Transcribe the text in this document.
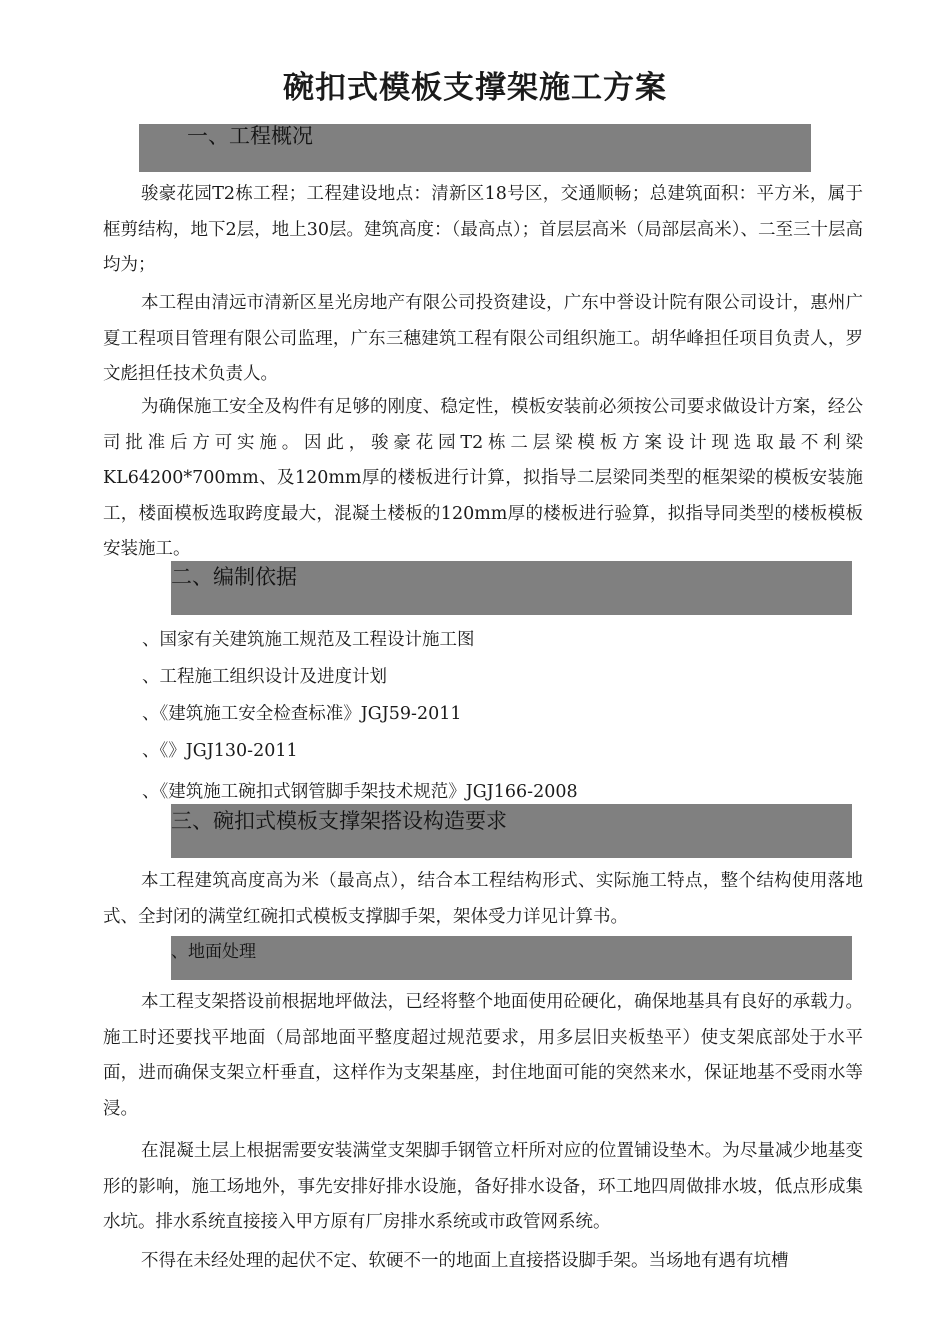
碗扣式模板支撑架施工方案
一、工程概况

骏豪花园T2栋工程；工程建设地点：清新区18号区，交通顺畅；总建筑面积：平方米，属于框剪结构，地下2层，地上30层。建筑高度：（最高点）；首层层高米（局部层高米）、二至三十层高均为；

本工程由清远市清新区星光房地产有限公司投资建设，广东中誉设计院有限公司设计，惠州广夏工程项目管理有限公司监理，广东三穗建筑工程有限公司组织施工。胡华峰担任项目负责人，罗文彪担任技术负责人。

为确保施工安全及构件有足够的刚度、稳定性，模板安装前必须按公司要求做设计方案，经公司批准后方可实施。因此，骏豪花园T2栋二层梁模板方案设计现选取最不利梁KL64200*700mm、及120mm厚的楼板进行计算，拟指导二层梁同类型的框架梁的模板安装施工，楼面模板选取跨度最大，混凝土楼板的120mm厚的楼板进行验算，拟指导同类型的楼板模板安装施工。

二、编制依据
、国家有关建筑施工规范及工程设计施工图
、工程施工组织设计及进度计划
、《建筑施工安全检查标准》JGJ59-2011
、《》JGJ130-2011
、《建筑施工碗扣式钢管脚手架技术规范》JGJ166-2008
三、碗扣式模板支撑架搭设构造要求

本工程建筑高度高为米（最高点），结合本工程结构形式、实际施工特点，整个结构使用落地式、全封闭的满堂红碗扣式模板支撑脚手架，架体受力详见计算书。

、地面处理

本工程支架搭设前根据地坪做法，已经将整个地面使用砼硬化，确保地基具有良好的承载力。施工时还要找平地面（局部地面平整度超过规范要求，用多层旧夹板垫平）使支架底部处于水平面，进而确保支架立杆垂直，这样作为支架基座，封住地面可能的突然来水，保证地基不受雨水等浸。

在混凝土层上根据需要安装满堂支架脚手钢管立杆所对应的位置铺设垫木。为尽量减少地基变形的影响，施工场地外，事先安排好排水设施，备好排水设备，环工地四周做排水坡，低点形成集水坑。排水系统直接接入甲方原有厂房排水系统或市政管网系统。

不得在未经处理的起伏不定、软硬不一的地面上直接搭设脚手架。当场地有遇有坑槽
